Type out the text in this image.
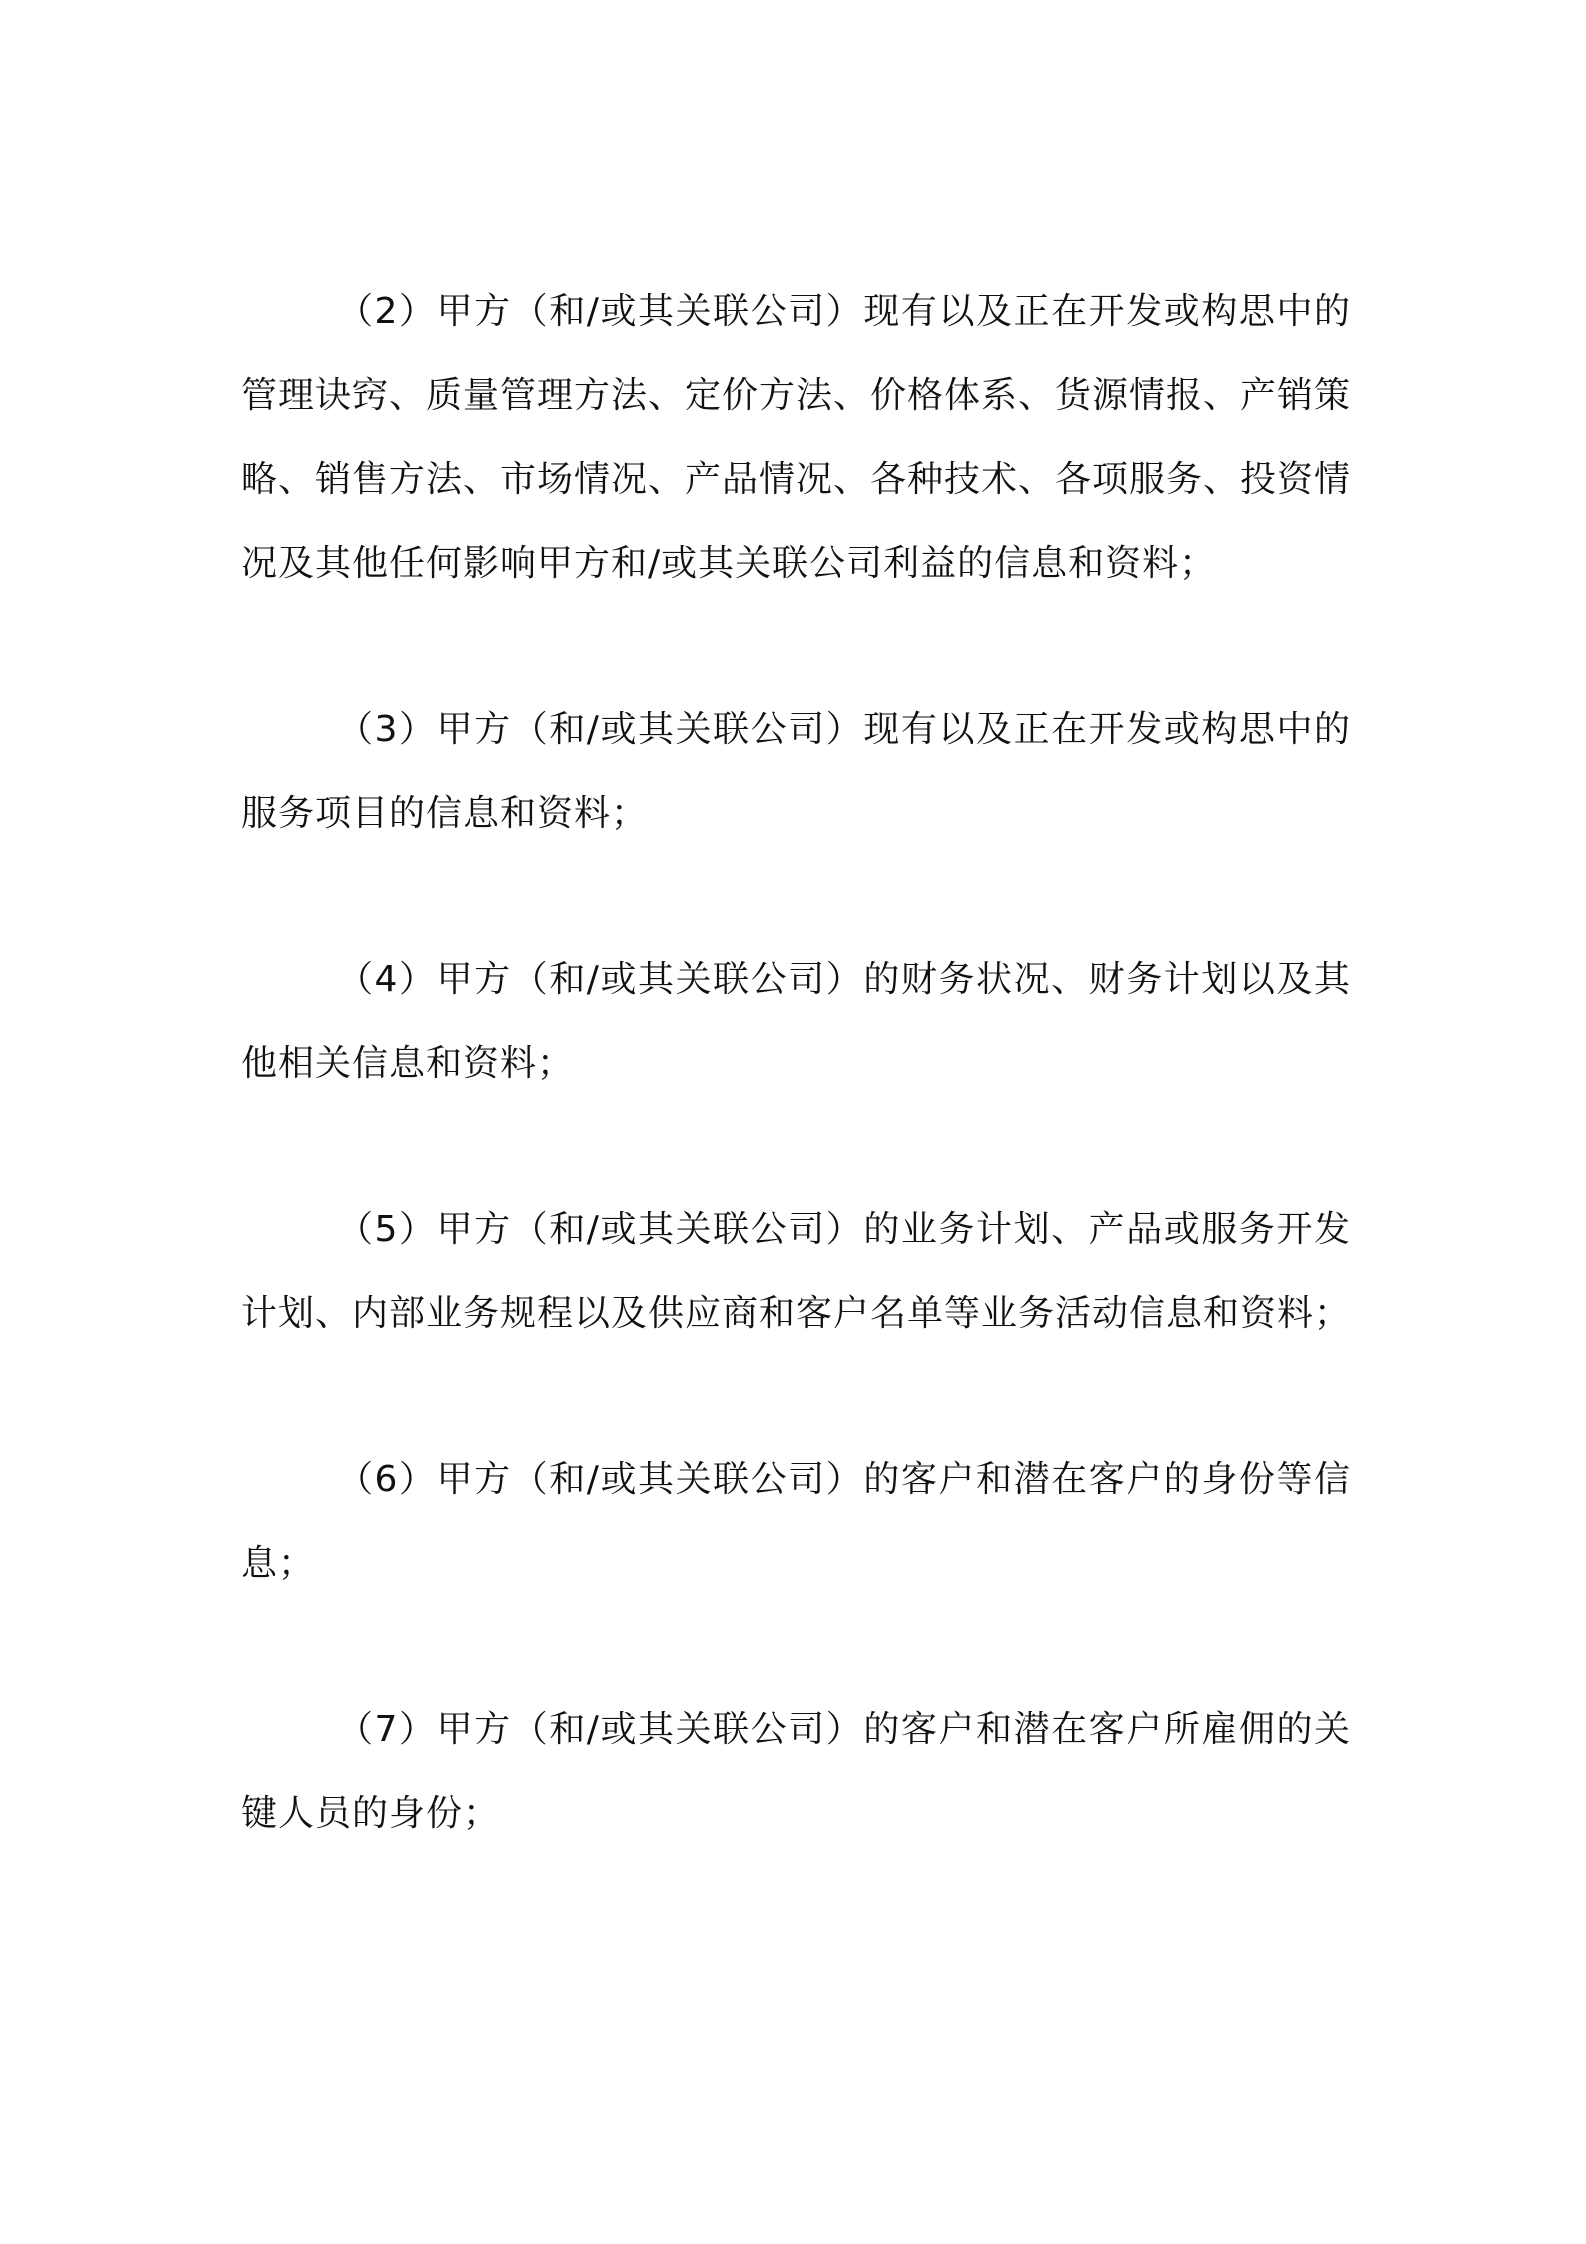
（2）甲方（和/或其关联公司）现有以及正在开发或构思中的管理诀窍、质量管理方法、定价方法、价格体系、货源情报、产销策略、销售方法、市场情况、产品情况、各种技术、各项服务、投资情况及其他任何影响甲方和/或其关联公司利益的信息和资料；

（3）甲方（和/或其关联公司）现有以及正在开发或构思中的服务项目的信息和资料；

（4）甲方（和/或其关联公司）的财务状况、财务计划以及其他相关信息和资料；

（5）甲方（和/或其关联公司）的业务计划、产品或服务开发计划、内部业务规程以及供应商和客户名单等业务活动信息和资料；

（6）甲方（和/或其关联公司）的客户和潜在客户的身份等信息；

（7）甲方（和/或其关联公司）的客户和潜在客户所雇佣的关键人员的身份；
